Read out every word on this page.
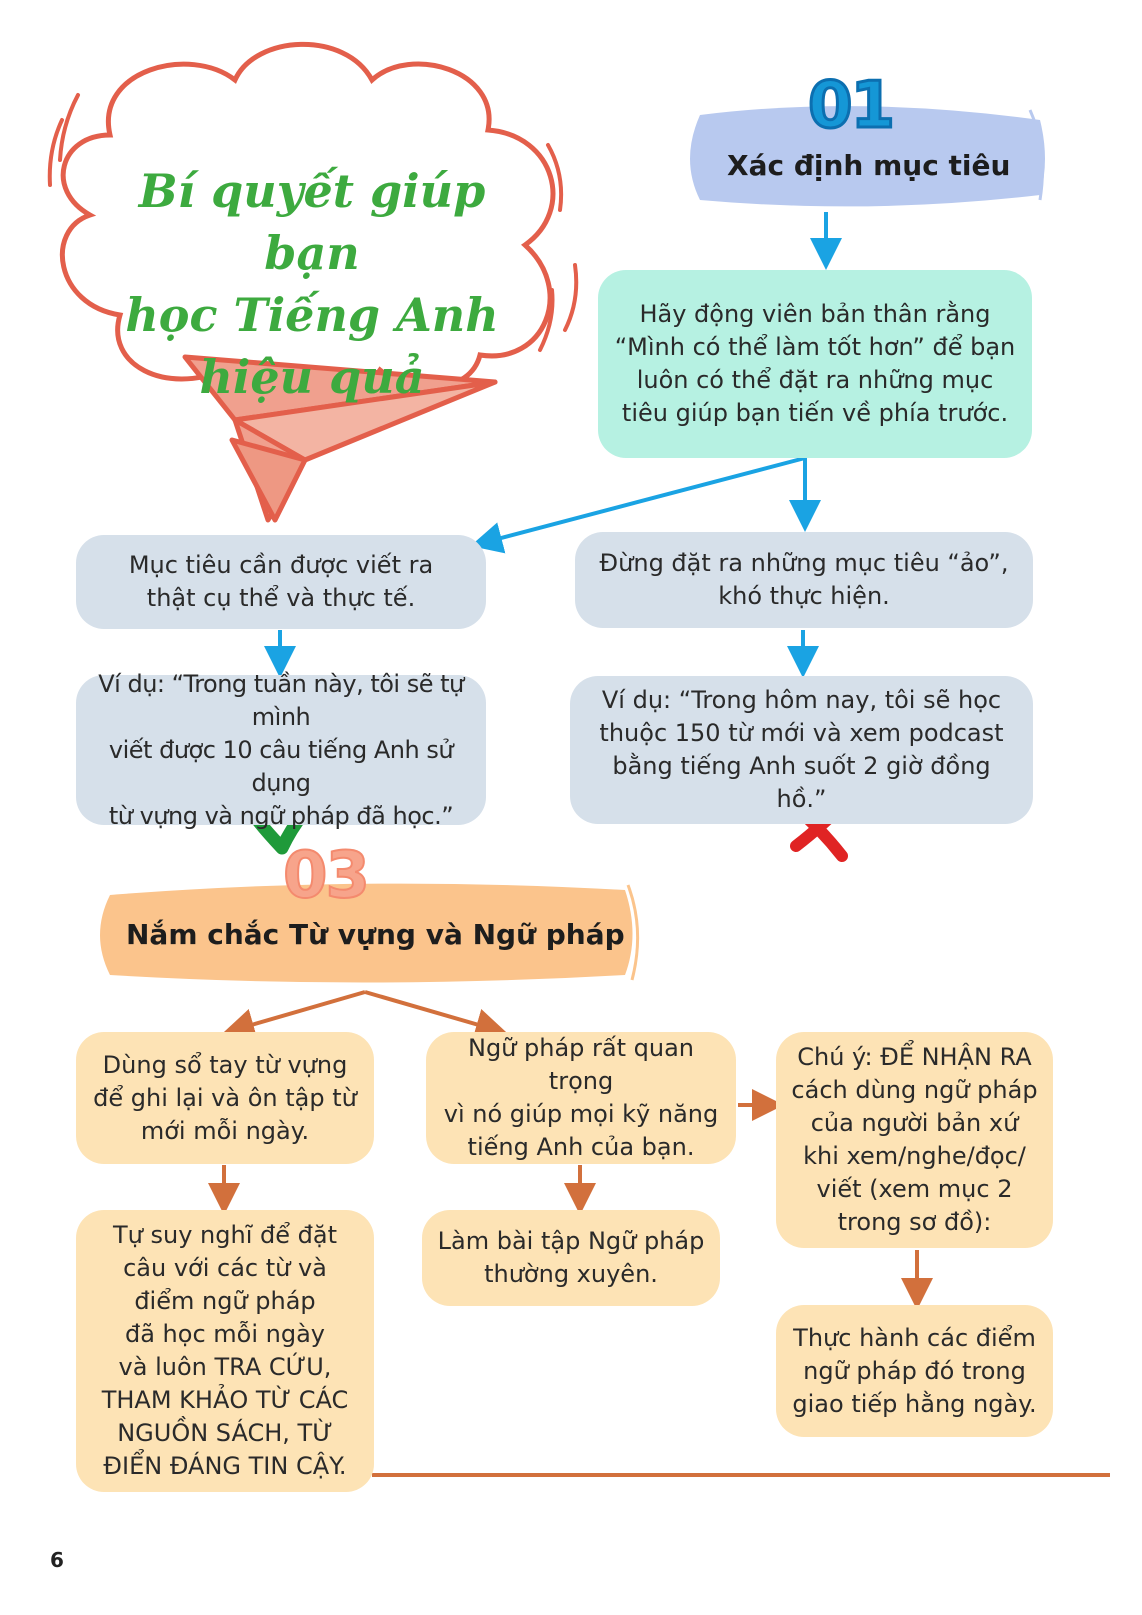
Bí quyết giúp bạn
học Tiếng Anh
hiệu quả
01
Xác định mục tiêu
Hãy động viên bản thân rằng
“Mình có thể làm tốt hơn” để bạn
luôn có thể đặt ra những mục
tiêu giúp bạn tiến về phía trước.
Mục tiêu cần được viết ra
thật cụ thể và thực tế.
Đừng đặt ra những mục tiêu “ảo”,
khó thực hiện.
Ví dụ: “Trong tuần này, tôi sẽ tự mình
viết được 10 câu tiếng Anh sử dụng
từ vựng và ngữ pháp đã học.”
Ví dụ: “Trong hôm nay, tôi sẽ học
thuộc 150 từ mới và xem podcast
bằng tiếng Anh suốt 2 giờ đồng hồ.”
03
Nắm chắc Từ vựng và Ngữ pháp
Dùng sổ tay từ vựng
để ghi lại và ôn tập từ
mới mỗi ngày.
Tự suy nghĩ để đặt
câu với các từ và
điểm ngữ pháp
đã học mỗi ngày
và luôn TRA CỨU,
THAM KHẢO TỪ CÁC
NGUỒN SÁCH, TỪ
ĐIỂN ĐÁNG TIN CẬY.
Ngữ pháp rất quan trọng
vì nó giúp mọi kỹ năng
tiếng Anh của bạn.
Làm bài tập Ngữ pháp
thường xuyên.
Chú ý: ĐỂ NHẬN RA
cách dùng ngữ pháp
của người bản xứ
khi xem/nghe/đọc/
viết (xem mục 2
trong sơ đồ):
Thực hành các điểm
ngữ pháp đó trong
giao tiếp hằng ngày.
6
